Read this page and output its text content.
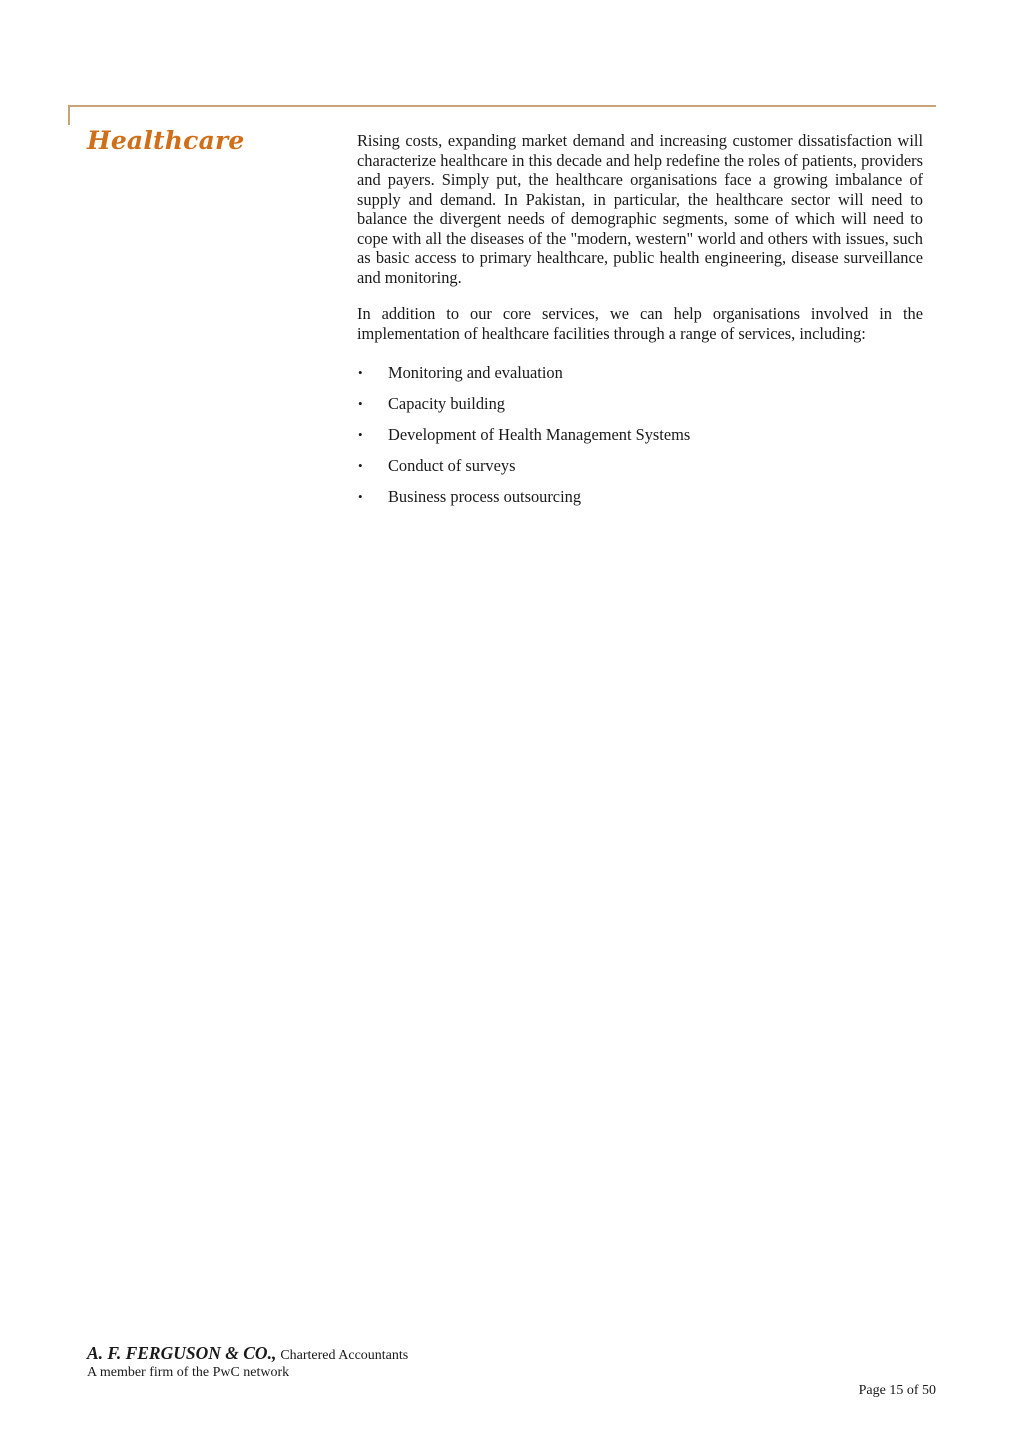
Healthcare	Rising costs, expanding market demand and increasing customer dissatisfaction will characterize healthcare in this decade and help redefine the roles of patients, providers and payers. Simply put, the healthcare organisations face a growing imbalance of supply and demand. In Pakistan, in particular, the healthcare sector will need to balance the divergent needs of demographic segments, some of which will need to cope with all the diseases of the "modern, western" world and others with issues, such as basic access to primary healthcare, public health engineering, disease surveillance and monitoring.

In addition to our core services, we can help organisations involved in the implementation of healthcare facilities through a range of services, including:

• Monitoring and evaluation
• Capacity building
• Development of Health Management Systems
• Conduct of surveys
• Business process outsourcing
A. F. FERGUSON & CO., Chartered Accountants
A member firm of the PwC network
Page 15 of 50
